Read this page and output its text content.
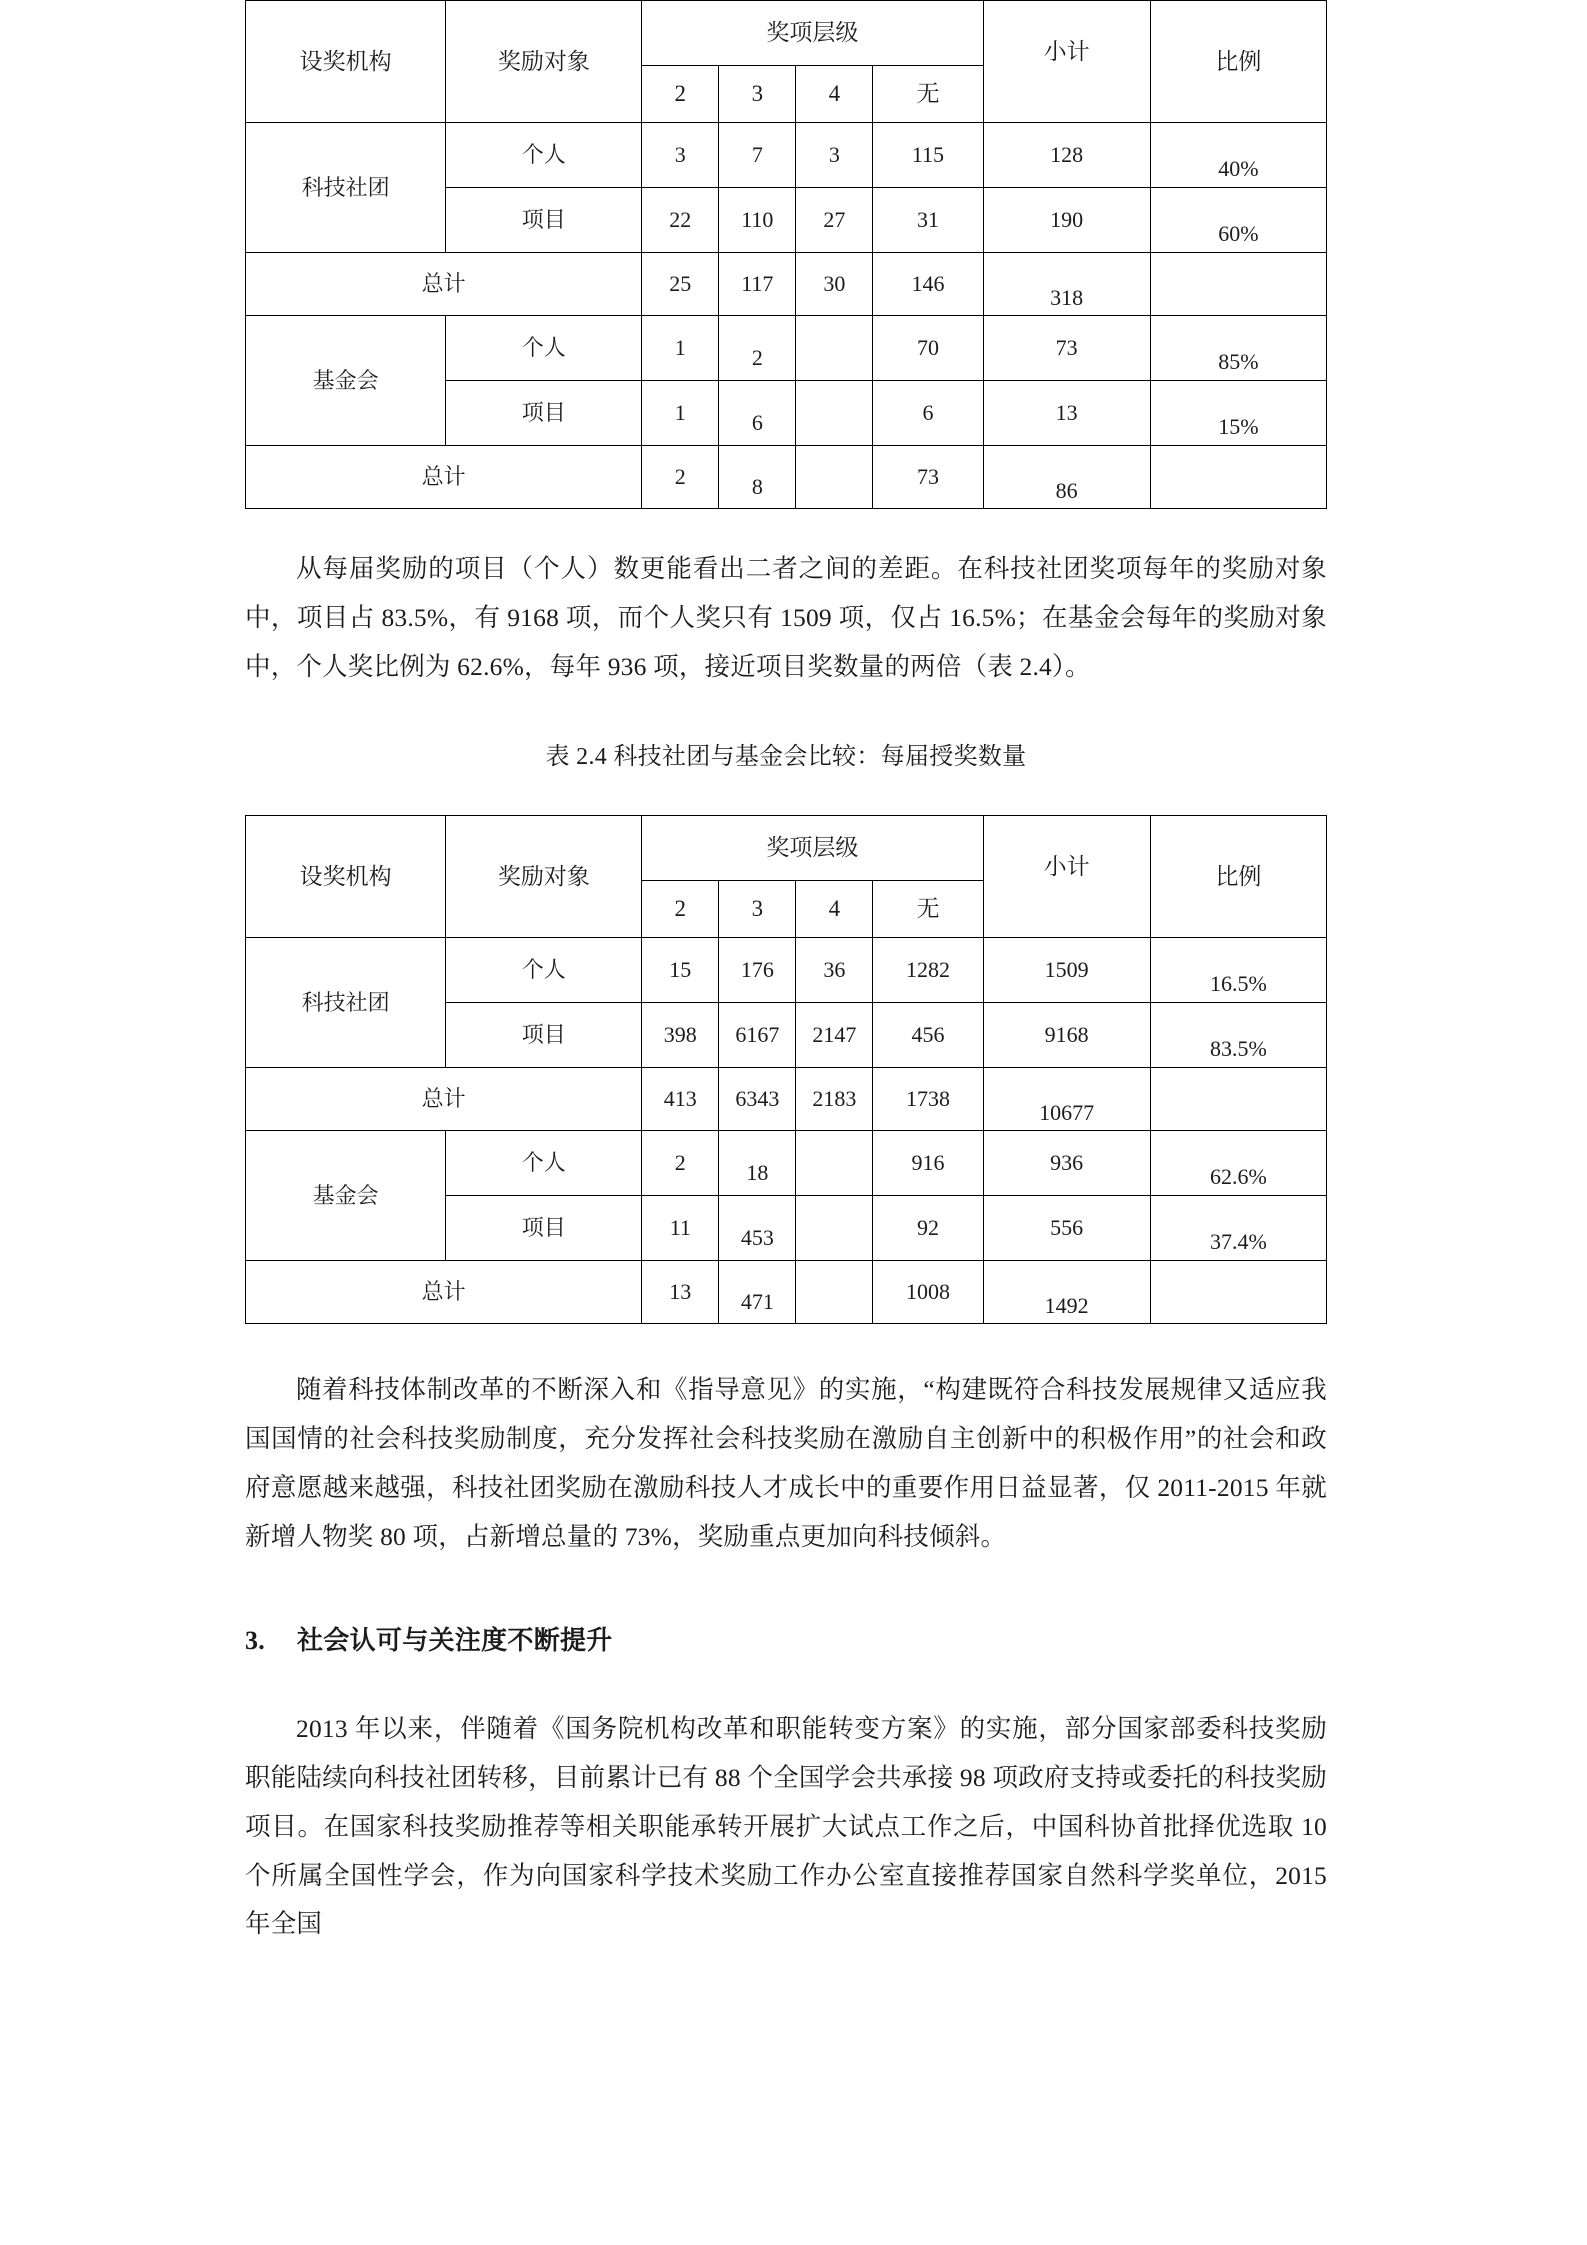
设奖机构	奖励对象	奖项层级				小计	比例
		2	3	4	无		
科技社团	个人	3	7	3	115	128	40%
	项目	22	110	27	31	190	60%
总计		25	117	30	146	318	
基金会	个人	1	2		70	73	85%
	项目	1	6		6	13	15%
总计		2	8		73	86	

从每届奖励的项目（个人）数更能看出二者之间的差距。在科技社团奖项每年的奖励对象中，项目占 83.5%，有 9168 项，而个人奖只有 1509 项，仅占 16.5%；在基金会每年的奖励对象中，个人奖比例为 62.6%，每年 936 项，接近项目奖数量的两倍（表 2.4）。

表 2.4 科技社团与基金会比较：每届授奖数量

设奖机构	奖励对象	奖项层级				小计	比例
		2	3	4	无		
科技社团	个人	15	176	36	1282	1509	16.5%
	项目	398	6167	2147	456	9168	83.5%
总计		413	6343	2183	1738	10677	
基金会	个人	2	18		916	936	62.6%
	项目	11	453		92	556	37.4%
总计		13	471		1008	1492	

随着科技体制改革的不断深入和《指导意见》的实施，“构建既符合科技发展规律又适应我国国情的社会科技奖励制度，充分发挥社会科技奖励在激励自主创新中的积极作用”的社会和政府意愿越来越强，科技社团奖励在激励科技人才成长中的重要作用日益显著，仅 2011-2015 年就新增人物奖 80 项，占新增总量的 73%，奖励重点更加向科技倾斜。

3. 社会认可与关注度不断提升

2013 年以来，伴随着《国务院机构改革和职能转变方案》的实施，部分国家部委科技奖励职能陆续向科技社团转移，目前累计已有 88 个全国学会共承接 98 项政府支持或委托的科技奖励项目。在国家科技奖励推荐等相关职能承转开展扩大试点工作之后，中国科协首批择优选取 10 个所属全国性学会，作为向国家科学技术奖励工作办公室直接推荐国家自然科学奖单位，2015 年全国
